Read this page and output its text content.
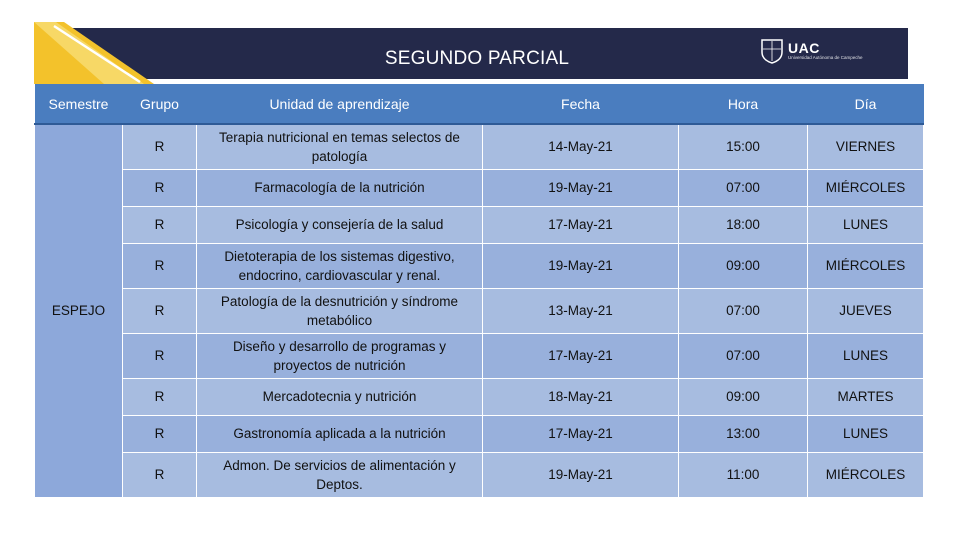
SEGUNDO PARCIAL	UAC
Universidad Autónoma de Campeche
Semestre	Grupo	Unidad de aprendizaje	Fecha	Hora	Día
ESPEJO	R	Terapia nutricional en temas selectos de patología	14-May-21	15:00	VIERNES
	R	Farmacología de la nutrición	19-May-21	07:00	MIÉRCOLES
	R	Psicología y consejería de la salud	17-May-21	18:00	LUNES
	R	Dietoterapia de los sistemas digestivo, endocrino, cardiovascular y renal.	19-May-21	09:00	MIÉRCOLES
	R	Patología de la desnutrición y síndrome metabólico	13-May-21	07:00	JUEVES
	R	Diseño y desarrollo de programas y proyectos de nutrición	17-May-21	07:00	LUNES
	R	Mercadotecnia y nutrición	18-May-21	09:00	MARTES
	R	Gastronomía aplicada a la nutrición	17-May-21	13:00	LUNES
	R	Admon. De servicios de alimentación y Deptos.	19-May-21	11:00	MIÉRCOLES
